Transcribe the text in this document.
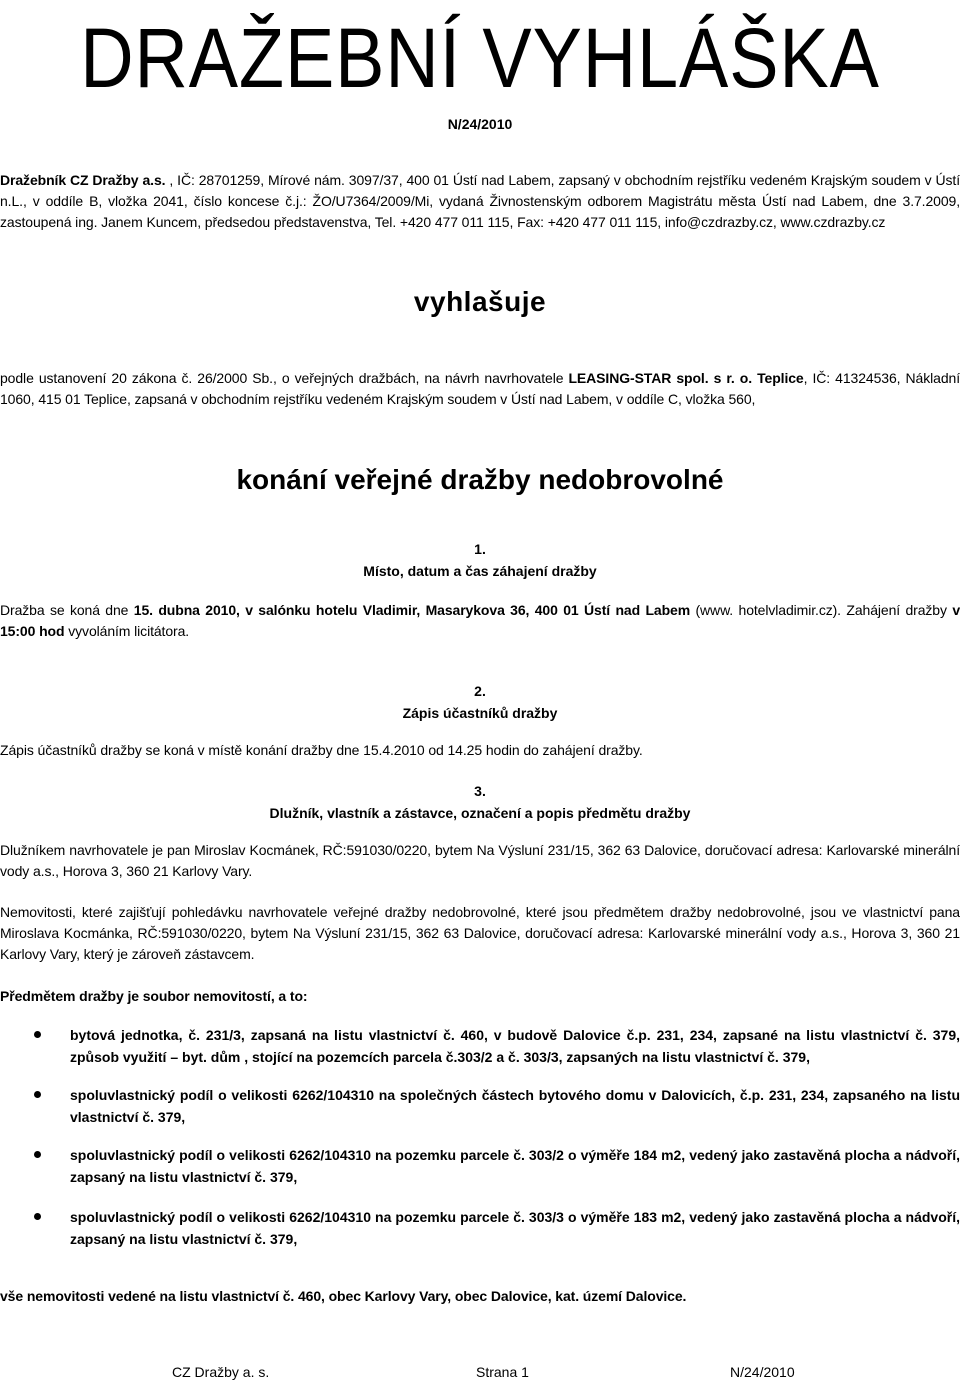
DRAŽEBNÍ VYHLÁŠKA
N/24/2010
Dražebník CZ Dražby a.s. , IČ: 28701259, Mírové nám. 3097/37, 400 01 Ústí nad Labem, zapsaný v obchodním rejstříku vedeném Krajským soudem v Ústí n.L., v oddíle B, vložka 2041, číslo koncese č.j.: ŽO/U7364/2009/Mi, vydaná Živnostenským odborem Magistrátu města Ústí nad Labem, dne 3.7.2009, zastoupená ing. Janem Kuncem, předsedou představenstva, Tel. +420 477 011 115, Fax: +420 477 011 115, info@czdrazby.cz, www.czdrazby.cz
vyhlašuje
podle ustanovení 20 zákona č. 26/2000 Sb., o veřejných dražbách, na návrh navrhovatele LEASING-STAR spol. s r. o. Teplice, IČ: 41324536, Nákladní 1060, 415 01 Teplice, zapsaná v obchodním rejstříku vedeném Krajským soudem v Ústí nad Labem, v oddíle C, vložka 560,
konání veřejné dražby nedobrovolné
1.
Místo, datum a čas záhajení dražby
Dražba se koná dne 15. dubna 2010, v salónku hotelu Vladimir, Masarykova 36, 400 01 Ústí nad Labem (www. hotelvladimir.cz). Zahájení dražby v 15:00 hod vyvoláním licitátora.
2.
Zápis účastníků dražby
Zápis účastníků dražby se koná v místě konání dražby dne 15.4.2010 od 14.25 hodin do zahájení dražby.
3.
Dlužník, vlastník a zástavce, označení a popis předmětu dražby
Dlužníkem navrhovatele je pan Miroslav Kocmánek, RČ:591030/0220, bytem Na Výsluní 231/15, 362 63 Dalovice, doručovací adresa: Karlovarské minerální vody a.s., Horova 3, 360 21 Karlovy Vary.
Nemovitosti, které zajišťují pohledávku navrhovatele veřejné dražby nedobrovolné, které jsou předmětem dražby nedobrovolné, jsou ve vlastnictví pana Miroslava Kocmánka, RČ:591030/0220, bytem Na Výsluní 231/15, 362 63 Dalovice, doručovací adresa: Karlovarské minerální vody a.s., Horova 3, 360 21 Karlovy Vary, který je zároveň zástavcem.
Předmětem dražby je soubor nemovitostí, a to:
bytová jednotka, č. 231/3, zapsaná na listu vlastnictví č. 460, v budově Dalovice č.p. 231, 234, zapsané na listu vlastnictví č. 379, způsob využití – byt. dům , stojící na pozemcích parcela č.303/2 a č. 303/3, zapsaných na listu vlastnictví č. 379,
spoluvlastnický podíl o velikosti 6262/104310 na společných částech bytového domu v Dalovicích, č.p. 231, 234, zapsaného na listu vlastnictví č. 379,
spoluvlastnický podíl o velikosti 6262/104310 na pozemku parcele č. 303/2 o výměře 184 m2, vedený jako zastavěná plocha a nádvoří, zapsaný na listu vlastnictví č. 379,
spoluvlastnický podíl o velikosti 6262/104310 na pozemku parcele č. 303/3 o výměře 183 m2, vedený jako zastavěná plocha a nádvoří, zapsaný na listu vlastnictví č. 379,
vše nemovitosti vedené na listu vlastnictví č. 460, obec Karlovy Vary, obec Dalovice, kat. území Dalovice.
CZ Dražby a. s.	Strana 1	N/24/2010
